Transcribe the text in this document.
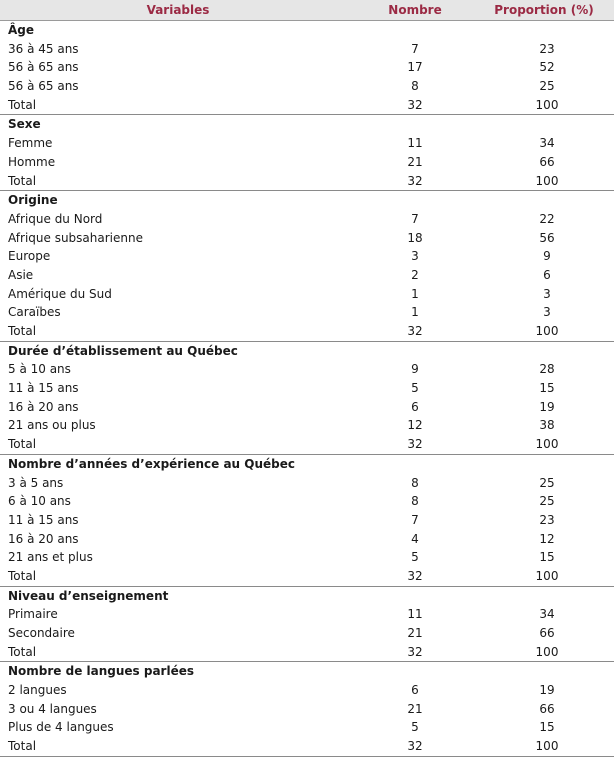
Variables	Nombre	Proportion (%)
Âge
36 à 45 ans	7	23
56 à 65 ans	17	52
56 à 65 ans	8	25
Total	32	100
Sexe
Femme	11	34
Homme	21	66
Total	32	100
Origine
Afrique du Nord	7	22
Afrique subsaharienne	18	56
Europe	3	9
Asie	2	6
Amérique du Sud	1	3
Caraïbes	1	3
Total	32	100
Durée d’établissement au Québec
5 à 10 ans	9	28
11 à 15 ans	5	15
16 à 20 ans	6	19
21 ans ou plus	12	38
Total	32	100
Nombre d’années d’expérience au Québec
3 à 5 ans	8	25
6 à 10 ans	8	25
11 à 15 ans	7	23
16 à 20 ans	4	12
21 ans et plus	5	15
Total	32	100
Niveau d’enseignement
Primaire	11	34
Secondaire	21	66
Total	32	100
Nombre de langues parlées
2 langues	6	19
3 ou 4 langues	21	66
Plus de 4 langues	5	15
Total	32	100
